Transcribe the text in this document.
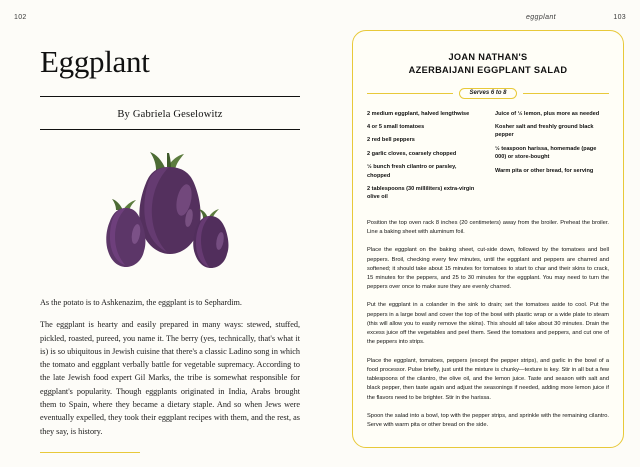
102	eggplant	103
Eggplant
By Gabriela Geselowitz

As the potato is to Ashkenazim, the eggplant is to Sephardim.

The eggplant is hearty and easily prepared in many ways: stewed, stuffed, pickled, roasted, pureed, you name it. The berry (yes, technically, that's what it is) is so ubiquitous in Jewish cuisine that there's a classic Ladino song in which the tomato and eggplant verbally battle for vegetable supremacy. According to the late Jewish food expert Gil Marks, the tribe is somewhat responsible for eggplant's popularity. Though eggplants originated in India, Arabs brought them to Spain, where they became a dietary staple. And so when Jews were eventually expelled, they took their eggplant recipes with them, and the rest, as they say, is history.

JOAN NATHAN'S
AZERBAIJANI EGGPLANT SALAD
Serves 6 to 8
2 medium eggplant, halved lengthwise
4 or 5 small tomatoes
2 red bell peppers
2 garlic cloves, coarsely chopped
½ bunch fresh cilantro or parsley, chopped
2 tablespoons (30 milliliters) extra-virgin olive oil
Juice of ½ lemon, plus more as needed
Kosher salt and freshly ground black pepper
½ teaspoon harissa, homemade (page 000) or store-bought
Warm pita or other bread, for serving

Position the top oven rack 8 inches (20 centimeters) away from the broiler. Preheat the broiler. Line a baking sheet with aluminum foil.

Place the eggplant on the baking sheet, cut-side down, followed by the tomatoes and bell peppers. Broil, checking every few minutes, until the eggplant and peppers are charred and softened; it should take about 15 minutes for tomatoes to start to char and their skins to crack, 15 minutes for the peppers, and 25 to 30 minutes for the eggplant. You may need to turn the peppers over once to make sure they are evenly charred.

Put the eggplant in a colander in the sink to drain; set the tomatoes aside to cool. Put the peppers in a large bowl and cover the top of the bowl with plastic wrap or a wide plate to steam (this will allow you to easily remove the skins). This should all take about 30 minutes. Drain the excess juice off the vegetables and peel them. Seed the tomatoes and peppers, and cut one of the peppers into strips.

Place the eggplant, tomatoes, peppers (except the pepper strips), and garlic in the bowl of a food processor. Pulse briefly, just until the mixture is chunky—texture is key. Stir in all but a few tablespoons of the cilantro, the olive oil, and the lemon juice. Taste and season with salt and black pepper, then taste again and adjust the seasonings if needed, adding more lemon juice if the flavors need to be brighter. Stir in the harissa.

Spoon the salad into a bowl, top with the pepper strips, and sprinkle with the remaining cilantro. Serve with warm pita or other bread on the side.
